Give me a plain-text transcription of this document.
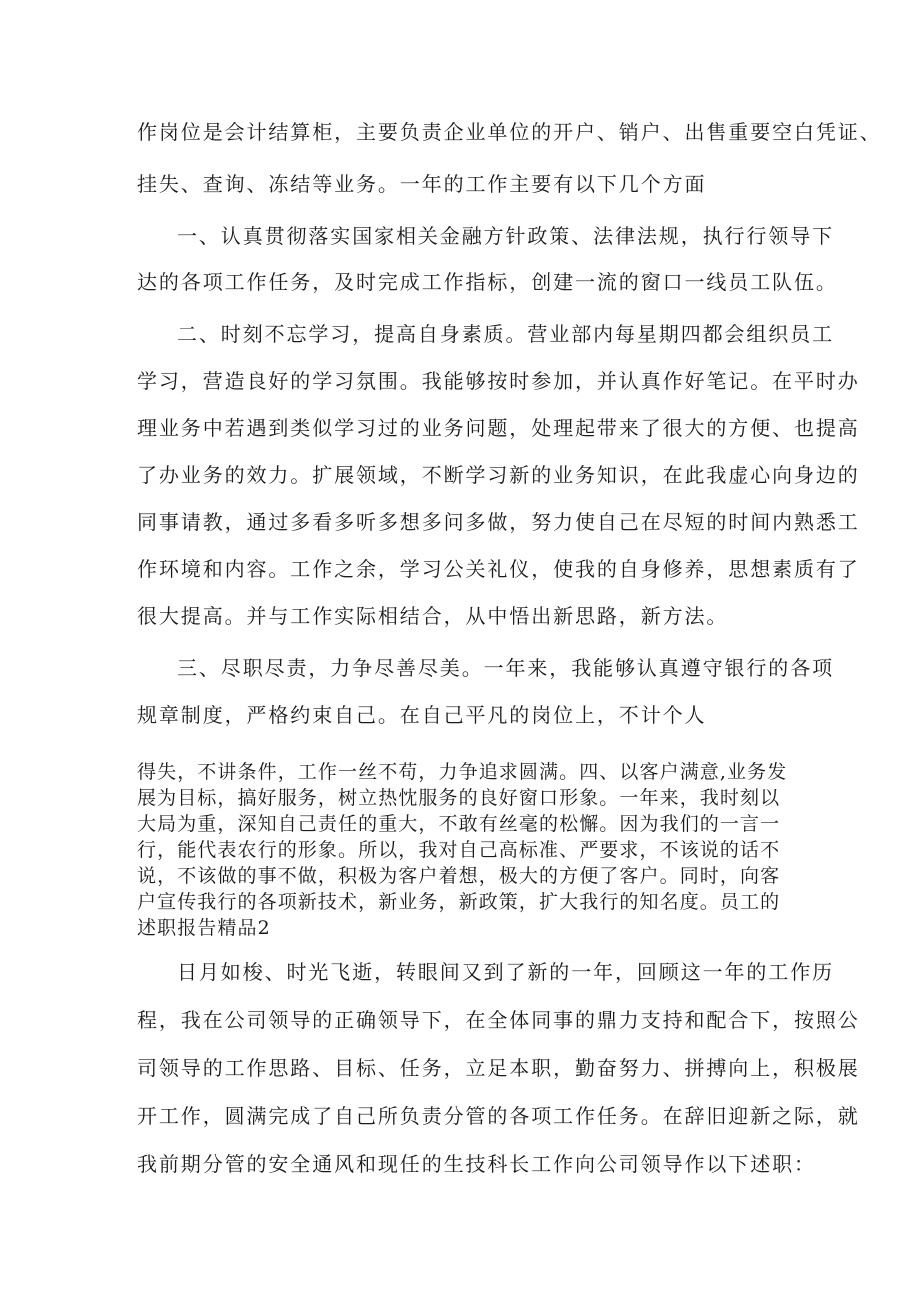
作岗位是会计结算柜，主要负责企业单位的开户、销户、出售重要空白凭证、

挂失、查询、冻结等业务。一年的工作主要有以下几个方面

一、认真贯彻落实国家相关金融方针政策、法律法规，执行行领导下

达的各项工作任务，及时完成工作指标，创建一流的窗口一线员工队伍。

二、时刻不忘学习，提高自身素质。营业部内每星期四都会组织员工

学习，营造良好的学习氛围。我能够按时参加，并认真作好笔记。在平时办

理业务中若遇到类似学习过的业务问题，处理起带来了很大的方便、也提高

了办业务的效力。扩展领域，不断学习新的业务知识，在此我虚心向身边的

同事请教，通过多看多听多想多问多做，努力使自己在尽短的时间内熟悉工

作环境和内容。工作之余，学习公关礼仪，使我的自身修养，思想素质有了

很大提高。并与工作实际相结合，从中悟出新思路，新方法。

三、尽职尽责，力争尽善尽美。一年来，我能够认真遵守银行的各项

规章制度，严格约束自己。在自己平凡的岗位上，不计个人

得失，不讲条件，工作一丝不苟，力争追求圆满。四、以客户满意,业务发

展为目标，搞好服务，树立热忱服务的良好窗口形象。一年来，我时刻以

大局为重，深知自己责任的重大，不敢有丝毫的松懈。因为我们的一言一

行，能代表农行的形象。所以，我对自己高标准、严要求，不该说的话不

说，不该做的事不做，积极为客户着想，极大的方便了客户。同时，向客

户宣传我行的各项新技术，新业务，新政策，扩大我行的知名度。员工的

述职报告精品2

日月如梭、时光飞逝，转眼间又到了新的一年，回顾这一年的工作历

程，我在公司领导的正确领导下，在全体同事的鼎力支持和配合下，按照公

司领导的工作思路、目标、任务，立足本职，勤奋努力、拼搏向上，积极展

开工作，圆满完成了自己所负责分管的各项工作任务。在辞旧迎新之际，就

我前期分管的安全通风和现任的生技科长工作向公司领导作以下述职：
